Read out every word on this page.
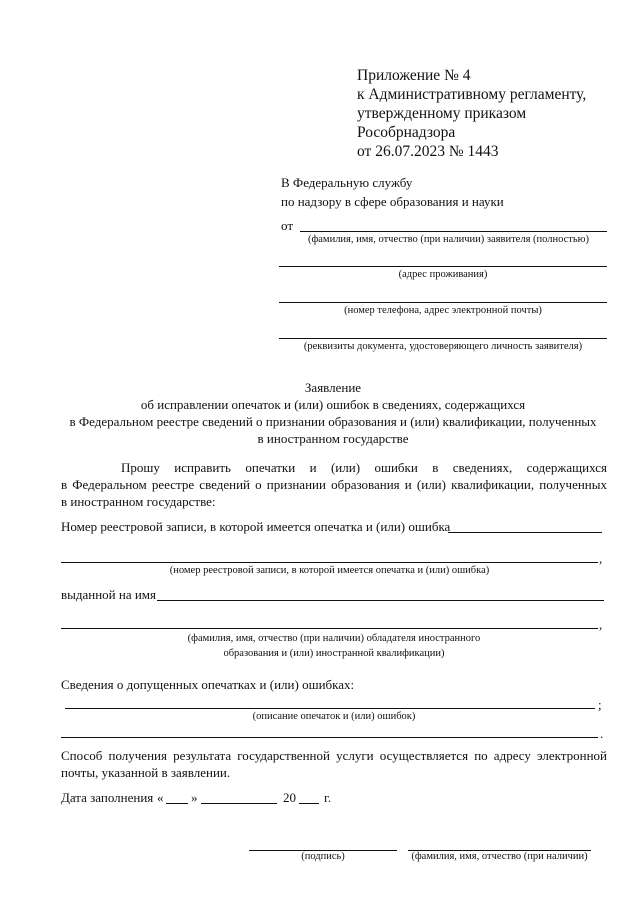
Приложение № 4
к Административному регламенту,
утвержденному приказом
Рособрнадзора
от 26.07.2023 № 1443
В Федеральную службу
по надзору в сфере образования и науки
от
(фамилия, имя, отчество (при наличии) заявителя (полностью)
(адрес проживания)
(номер телефона, адрес электронной почты)
(реквизиты документа, удостоверяющего личность заявителя)
Заявление
об исправлении опечаток и (или) ошибок в сведениях, содержащихся
в Федеральном реестре сведений о признании образования и (или) квалификации, полученных
в иностранном государстве
Прошу исправить опечатки и (или) ошибки в сведениях, содержащихся
в Федеральном реестре сведений о признании образования и (или) квалификации, полученных
в иностранном государстве:
Номер реестровой записи, в которой имеется опечатка и (или) ошибка
,
(номер реестровой записи, в которой имеется опечатка и (или) ошибка)
выданной на имя
,
(фамилия, имя, отчество (при наличии) обладателя иностранного
образования и (или) иностранной квалификации)
Сведения о допущенных опечатках и (или) ошибках:
;
(описание опечаток и (или) ошибок)
.
Способ получения результата государственной услуги осуществляется по адресу электронной
почты, указанной в заявлении.
Дата заполнения « »	20 г.
(подпись)	(фамилия, имя, отчество (при наличии)
